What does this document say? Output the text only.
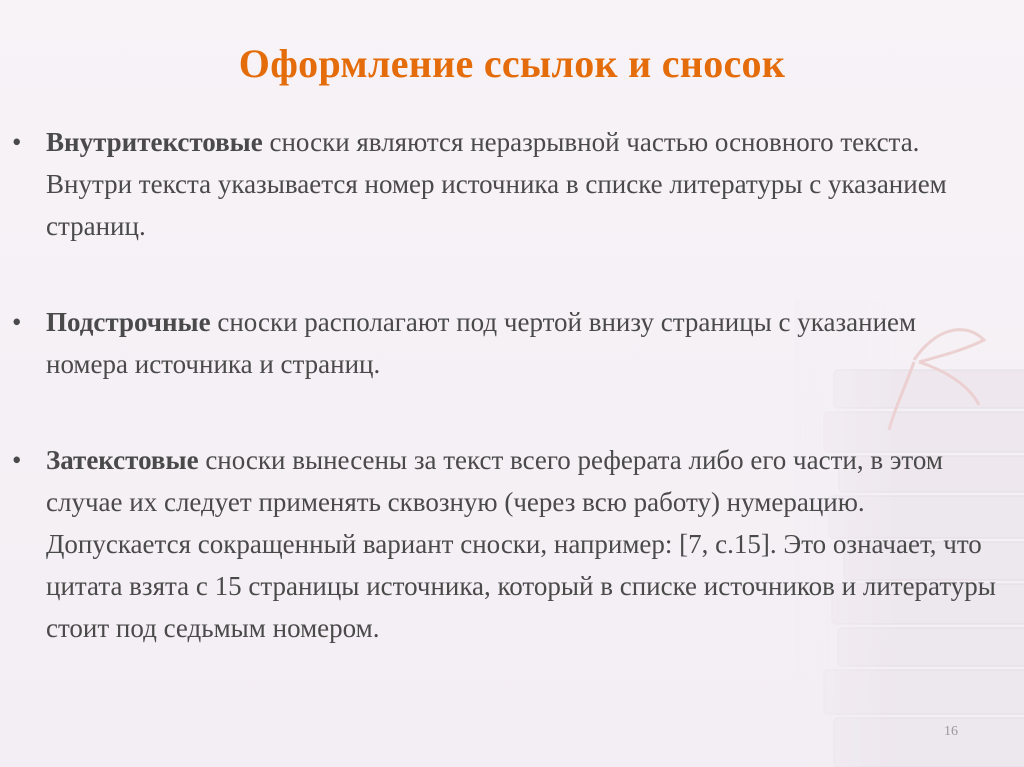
Оформление ссылок и сносок
• Внутритекстовые сноски являются неразрывной частью основного текста. Внутри текста указывается номер источника в списке литературы с указанием страниц.
• Подстрочные сноски располагают под чертой внизу страницы с указанием номера источника и страниц.
• Затекстовые сноски вынесены за текст всего реферата либо его части, в этом случае их следует применять сквозную (через всю работу) нумерацию. Допускается сокращенный вариант сноски, например: [7, с.15]. Это означает, что цитата взята с 15 страницы источника, который в списке источников и литературы стоит под седьмым номером.
16
